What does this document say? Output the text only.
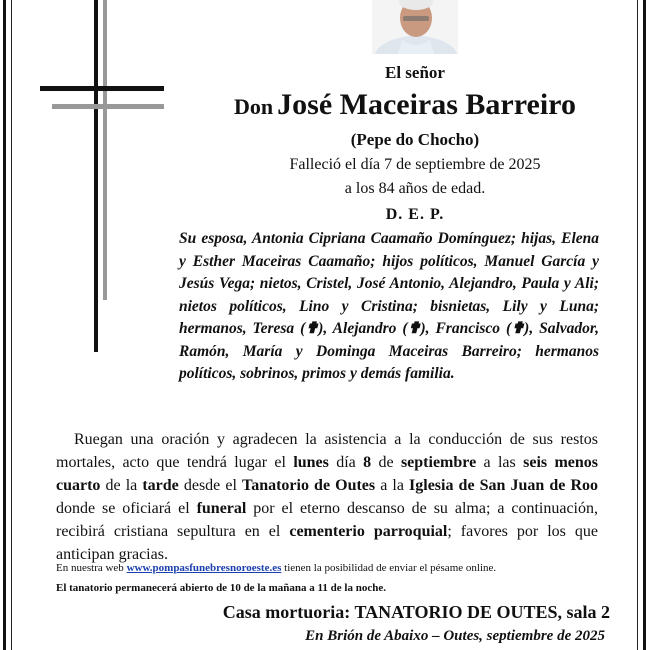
El señor
Don José Maceiras Barreiro
(Pepe do Chocho)
Falleció el día 7 de septiembre de 2025
a los 84 años de edad.
D. E. P.
Su esposa, Antonia Cipriana Caamaño Domínguez; hijas, Elena y Esther Maceiras Caamaño; hijos políticos, Manuel García y Jesús Vega; nietos, Cristel, José Antonio, Alejandro, Paula y Ali; nietos políticos, Lino y Cristina; bisnietas, Lily y Luna; hermanos, Teresa (✟), Alejandro (✟), Francisco (✟), Salvador, Ramón, María y Dominga Maceiras Barreiro; hermanos políticos, sobrinos, primos y demás familia.
Ruegan una oración y agradecen la asistencia a la conducción de sus restos mortales, acto que tendrá lugar el lunes día 8 de septiembre a las seis menos cuarto de la tarde desde el Tanatorio de Outes a la Iglesia de San Juan de Roo donde se oficiará el funeral por el eterno descanso de su alma; a continuación, recibirá cristiana sepultura en el cementerio parroquial; favores por los que anticipan gracias.
En nuestra web www.pompasfunebresnoroeste.es tienen la posibilidad de enviar el pésame online.
El tanatorio permanecerá abierto de 10 de la mañana a 11 de la noche.
Casa mortuoria: TANATORIO DE OUTES, sala 2
En Brión de Abaixo – Outes, septiembre de 2025
